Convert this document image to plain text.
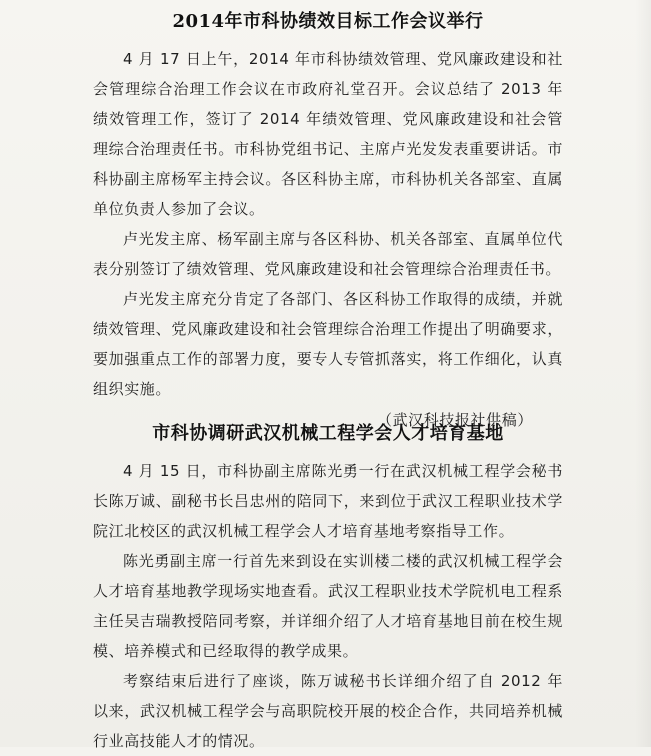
2014年市科协绩效目标工作会议举行

4 月 17 日上午，2014 年市科协绩效管理、党风廉政建设和社会管理综合治理工作会议在市政府礼堂召开。会议总结了 2013 年绩效管理工作，签订了 2014 年绩效管理、党风廉政建设和社会管理综合治理责任书。市科协党组书记、主席卢光发发表重要讲话。市科协副主席杨军主持会议。各区科协主席，市科协机关各部室、直属单位负责人参加了会议。

卢光发主席、杨军副主席与各区科协、机关各部室、直属单位代表分别签订了绩效管理、党风廉政建设和社会管理综合治理责任书。

卢光发主席充分肯定了各部门、各区科协工作取得的成绩，并就绩效管理、党风廉政建设和社会管理综合治理工作提出了明确要求，要加强重点工作的部署力度，要专人专管抓落实，将工作细化，认真组织实施。

（武汉科技报社供稿）

市科协调研武汉机械工程学会人才培育基地

4 月 15 日，市科协副主席陈光勇一行在武汉机械工程学会秘书长陈万诚、副秘书长吕忠州的陪同下，来到位于武汉工程职业技术学院江北校区的武汉机械工程学会人才培育基地考察指导工作。

陈光勇副主席一行首先来到设在实训楼二楼的武汉机械工程学会人才培育基地教学现场实地查看。武汉工程职业技术学院机电工程系主任吴吉瑞教授陪同考察，并详细介绍了人才培育基地目前在校生规模、培养模式和已经取得的教学成果。

考察结束后进行了座谈，陈万诚秘书长详细介绍了自 2012 年以来，武汉机械工程学会与高职院校开展的校企合作，共同培养机械行业高技能人才的情况。
